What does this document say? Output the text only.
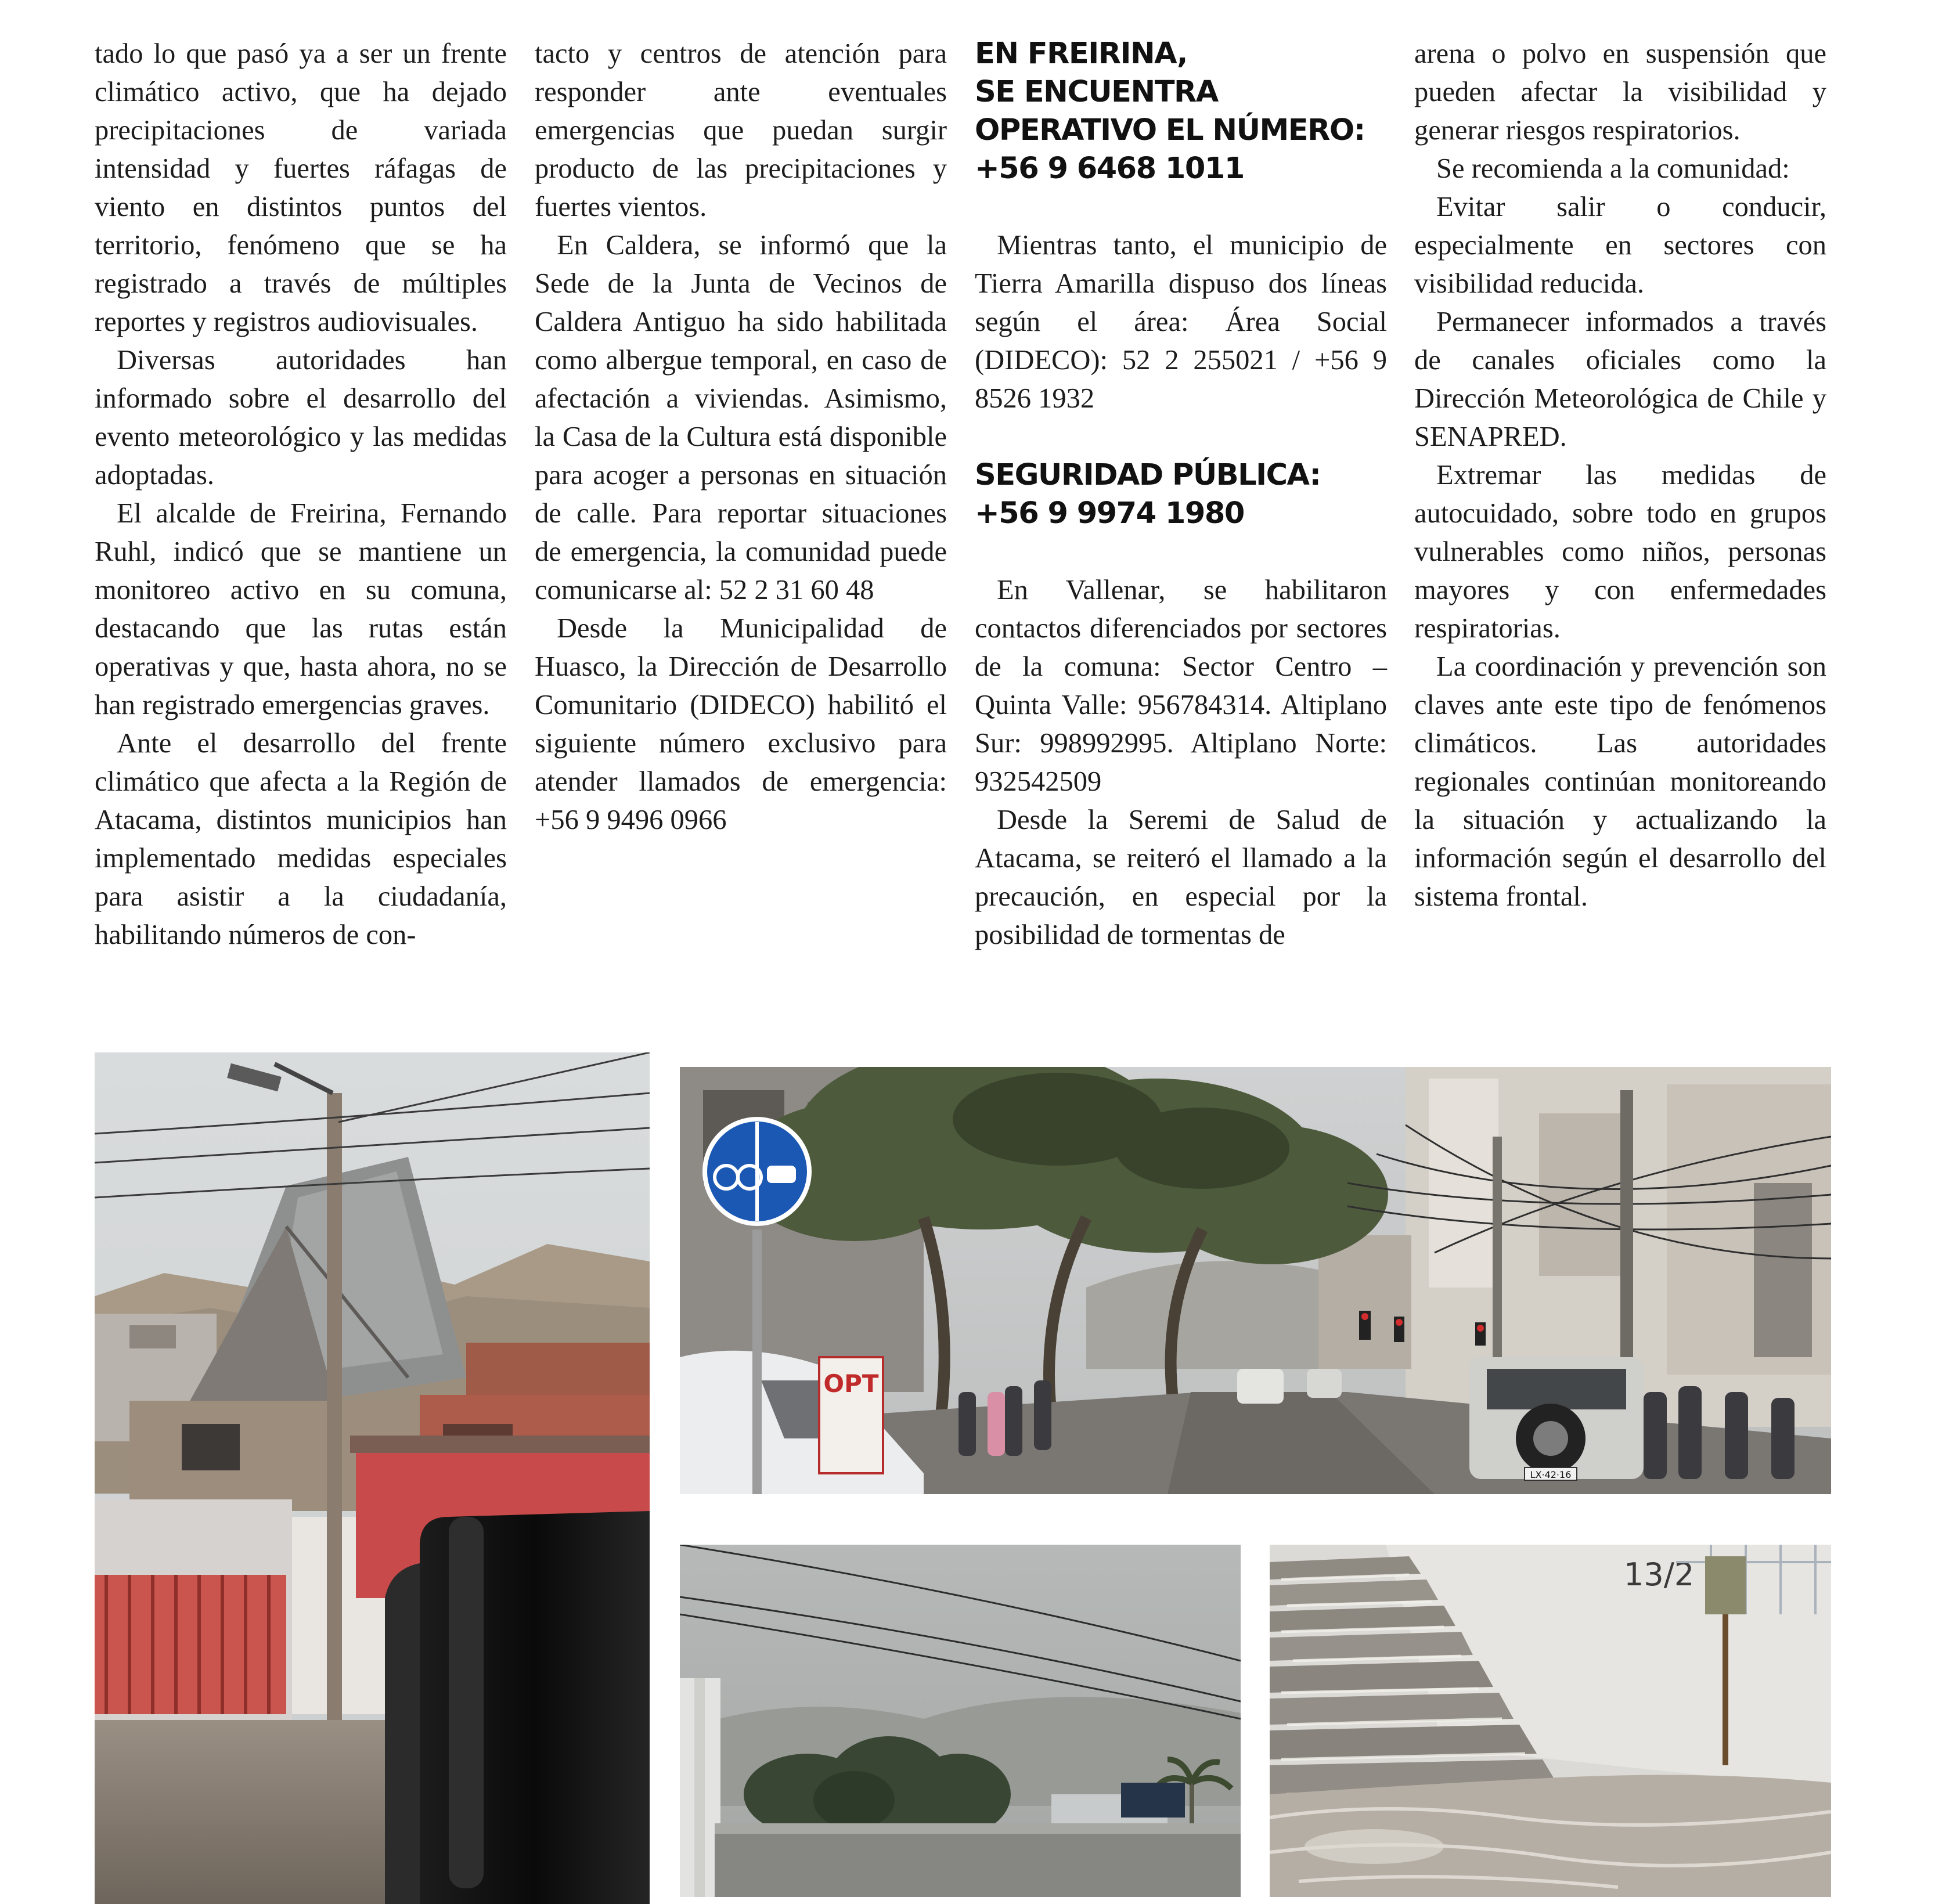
tado lo que pasó ya a ser un frente climático activo, que ha dejado precipitaciones de variada intensidad y fuertes ráfagas de viento en distintos puntos del territorio, fenómeno que se ha registrado a través de múltiples reportes y registros audiovisuales.

Diversas autoridades han informado sobre el desarrollo del evento meteorológico y las medidas adoptadas.

El alcalde de Freirina, Fernando Ruhl, indicó que se mantiene un monitoreo activo en su comuna, destacando que las rutas están operativas y que, hasta ahora, no se han registrado emergencias graves.

Ante el desarrollo del frente climático que afecta a la Región de Atacama, distintos municipios han implementado medidas especiales para asistir a la ciudadanía, habilitando números de con-

tacto y centros de atención para responder ante eventuales emergencias que puedan surgir producto de las precipitaciones y fuertes vientos.

En Caldera, se informó que la Sede de la Junta de Vecinos de Caldera Antiguo ha sido habilitada como albergue temporal, en caso de afectación a viviendas. Asimismo, la Casa de la Cultura está disponible para acoger a personas en situación de calle. Para reportar situaciones de emergencia, la comunidad puede comunicarse al: 52 2 31 60 48

Desde la Municipalidad de Huasco, la Dirección de Desarrollo Comunitario (DIDECO) habilitó el siguiente número exclusivo para atender llamados de emergencia: +56 9 9496 0966

EN FREIRINA,
SE ENCUENTRA
OPERATIVO EL NÚMERO:
+56 9 6468 1011

Mientras tanto, el municipio de Tierra Amarilla dispuso dos líneas según el área: Área Social (DIDECO): 52 2 255021 / +56 9 8526 1932

SEGURIDAD PÚBLICA:
+56 9 9974 1980

En Vallenar, se habilitaron contactos diferenciados por sectores de la comuna: Sector Centro – Quinta Valle: 956784314. Altiplano Sur: 998992995. Altiplano Norte: 932542509

Desde la Seremi de Salud de Atacama, se reiteró el llamado a la precaución, en especial por la posibilidad de tormentas de

arena o polvo en suspensión que pueden afectar la visibilidad y generar riesgos respiratorios.

Se recomienda a la comunidad:

Evitar salir o conducir, especialmente en sectores con visibilidad reducida.

Permanecer informados a través de canales oficiales como la Dirección Meteorológica de Chile y SENAPRED.

Extremar las medidas de autocuidado, sobre todo en grupos vulnerables como niños, personas mayores y con enfermedades respiratorias.

La coordinación y prevención son claves ante este tipo de fenómenos climáticos. Las autoridades regionales continúan monitoreando la situación y actualizando la información según el desarrollo del sistema frontal.

LX·42·16
OPT
13/2
